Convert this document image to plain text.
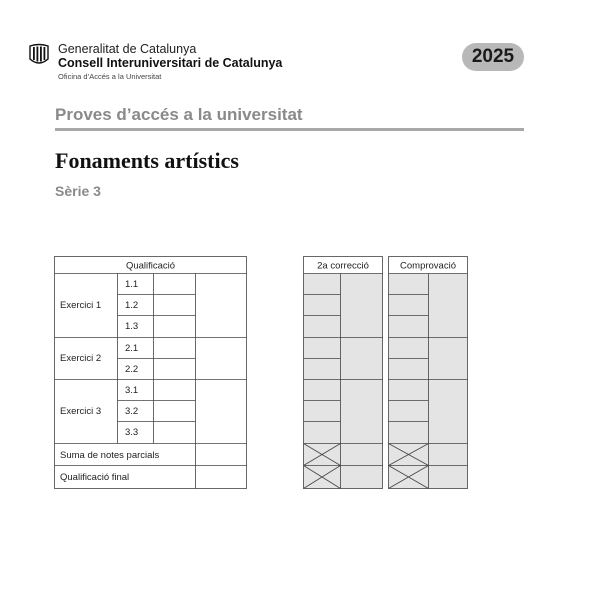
Generalitat de Catalunya
Consell Interuniversitari de Catalunya
Oficina d’Accés a la Universitat
2025
Proves d’accés a la universitat
Fonaments artístics
Sèrie 3
Qualificació
Exercici 1
Exercici 2
Exercici 3
1.1
1.2
1.3
2.1
2.2
3.1
3.2
3.3
Suma de notes parcials
Qualificació final
2a correcció	Comprovació
